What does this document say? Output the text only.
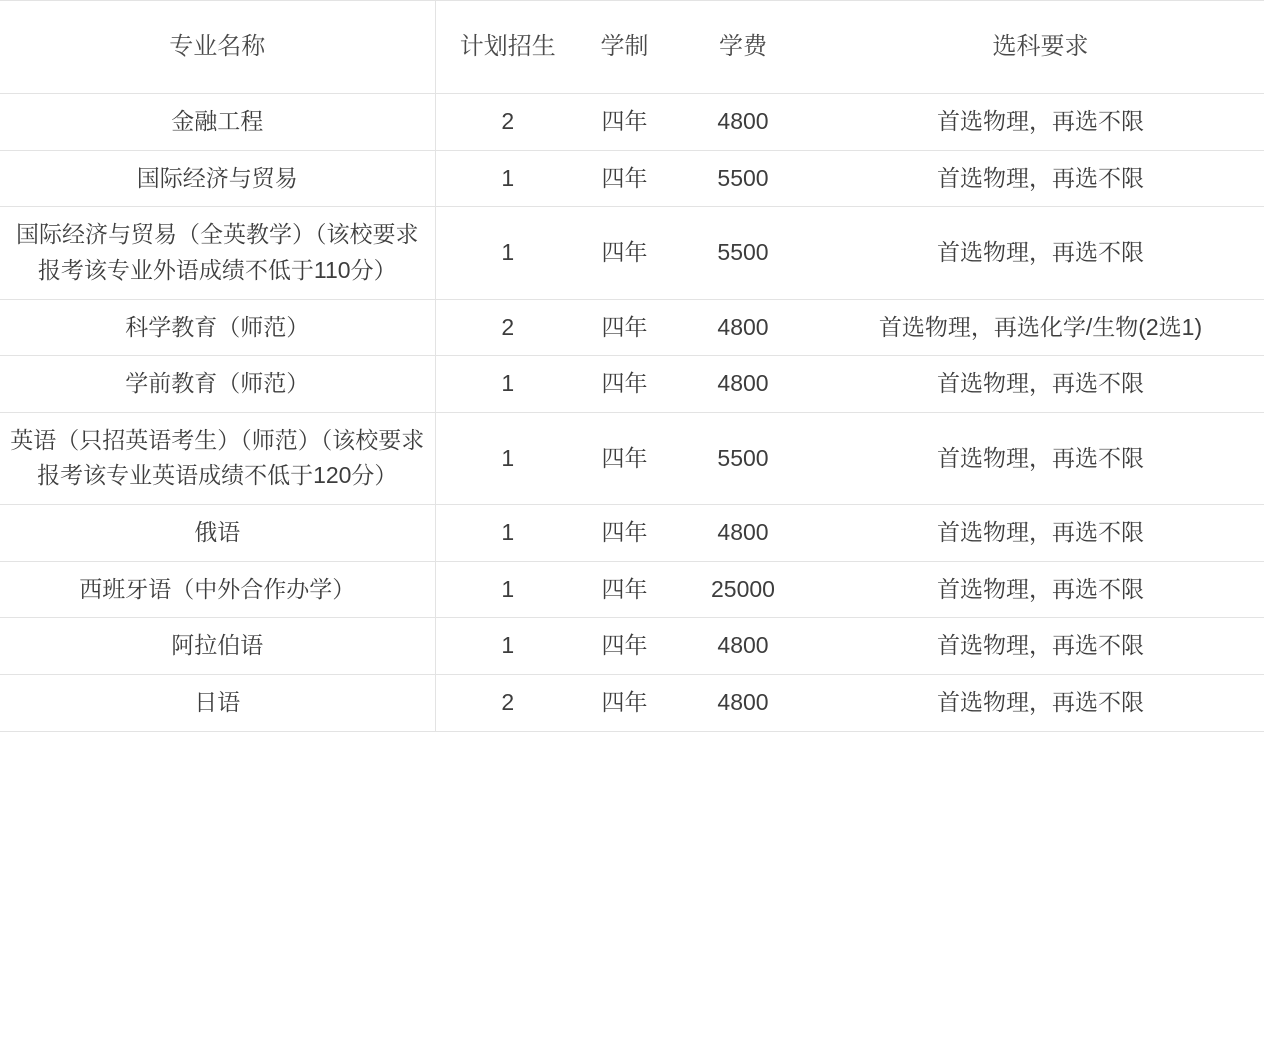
专业名称	计划招生	学制	学费	选科要求
金融工程	2	四年	4800	首选物理，再选不限
国际经济与贸易	1	四年	5500	首选物理，再选不限
国际经济与贸易（全英教学）（该校要求报考该专业外语成绩不低于110分）	1	四年	5500	首选物理，再选不限
科学教育（师范）	2	四年	4800	首选物理，再选化学/生物(2选1)
学前教育（师范）	1	四年	4800	首选物理，再选不限
英语（只招英语考生）（师范）（该校要求报考该专业英语成绩不低于120分）	1	四年	5500	首选物理，再选不限
俄语	1	四年	4800	首选物理，再选不限
西班牙语（中外合作办学）	1	四年	25000	首选物理，再选不限
阿拉伯语	1	四年	4800	首选物理，再选不限
日语	2	四年	4800	首选物理，再选不限
